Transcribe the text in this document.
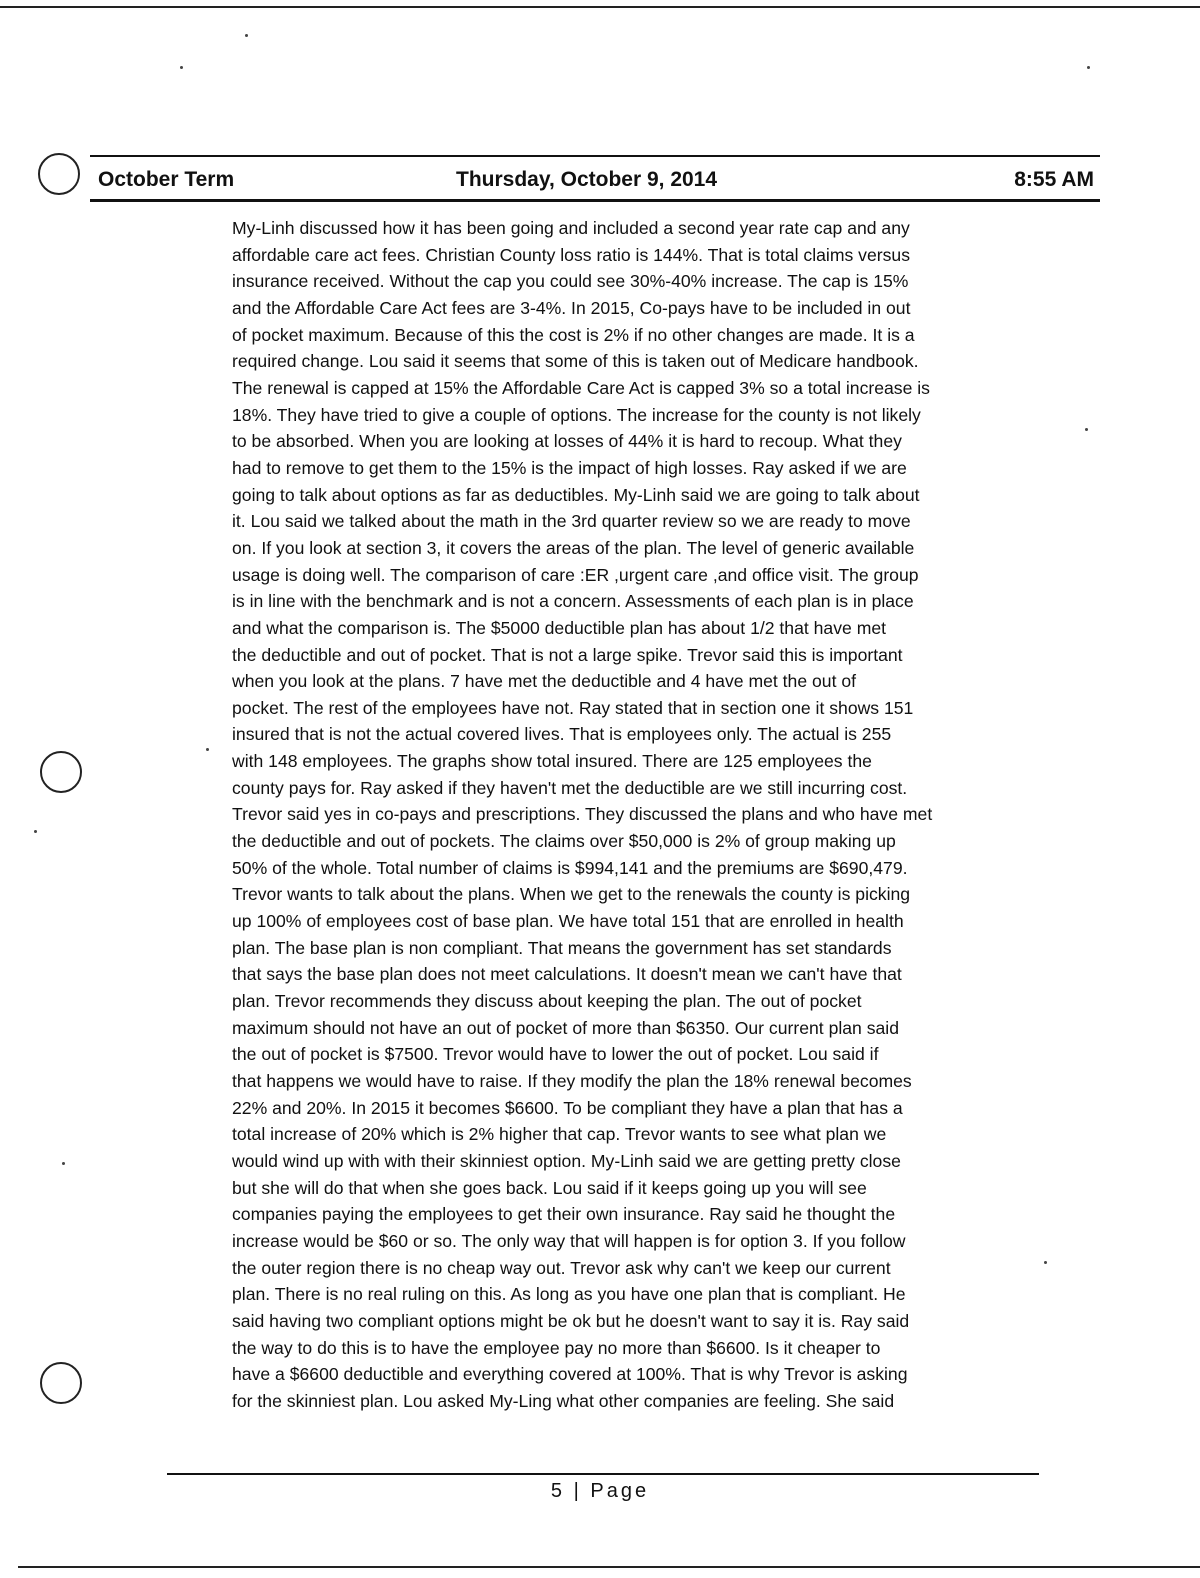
October Term	Thursday, October 9, 2014	8:55 AM
My-Linh discussed how it has been going and included a second year rate cap and any
affordable care act fees. Christian County loss ratio is 144%. That is total claims versus
insurance received. Without the cap you could see 30%-40% increase. The cap is 15%
and the Affordable Care Act fees are 3-4%. In 2015, Co-pays have to be included in out
of pocket maximum. Because of this the cost is 2% if no other changes are made. It is a
required change. Lou said it seems that some of this is taken out of Medicare handbook.
The renewal is capped at 15% the Affordable Care Act is capped 3% so a total increase is
18%. They have tried to give a couple of options. The increase for the county is not likely
to be absorbed. When you are looking at losses of 44% it is hard to recoup. What they
had to remove to get them to the 15% is the impact of high losses. Ray asked if we are
going to talk about options as far as deductibles. My-Linh said we are going to talk about
it. Lou said we talked about the math in the 3rd quarter review so we are ready to move
on. If you look at section 3, it covers the areas of the plan. The level of generic available
usage is doing well. The comparison of care :ER ,urgent care ,and office visit. The group
is in line with the benchmark and is not a concern. Assessments of each plan is in place
and what the comparison is. The $5000 deductible plan has about 1/2 that have met
the deductible and out of pocket. That is not a large spike. Trevor said this is important
when you look at the plans. 7 have met the deductible and 4 have met the out of
pocket. The rest of the employees have not. Ray stated that in section one it shows 151
insured that is not the actual covered lives. That is employees only. The actual is 255
with 148 employees. The graphs show total insured. There are 125 employees the
county pays for. Ray asked if they haven't met the deductible are we still incurring cost.
Trevor said yes in co-pays and prescriptions. They discussed the plans and who have met
the deductible and out of pockets. The claims over $50,000 is 2% of group making up
50% of the whole. Total number of claims is $994,141 and the premiums are $690,479.
Trevor wants to talk about the plans. When we get to the renewals the county is picking
up 100% of employees cost of base plan. We have total 151 that are enrolled in health
plan. The base plan is non compliant. That means the government has set standards
that says the base plan does not meet calculations. It doesn't mean we can't have that
plan. Trevor recommends they discuss about keeping the plan. The out of pocket
maximum should not have an out of pocket of more than $6350. Our current plan said
the out of pocket is $7500. Trevor would have to lower the out of pocket. Lou said if
that happens we would have to raise. If they modify the plan the 18% renewal becomes
22% and 20%. In 2015 it becomes $6600. To be compliant they have a plan that has a
total increase of 20% which is 2% higher that cap. Trevor wants to see what plan we
would wind up with with their skinniest option. My-Linh said we are getting pretty close
but she will do that when she goes back. Lou said if it keeps going up you will see
companies paying the employees to get their own insurance. Ray said he thought the
increase would be $60 or so. The only way that will happen is for option 3. If you follow
the outer region there is no cheap way out. Trevor ask why can't we keep our current
plan. There is no real ruling on this. As long as you have one plan that is compliant. He
said having two compliant options might be ok but he doesn't want to say it is. Ray said
the way to do this is to have the employee pay no more than $6600. Is it cheaper to
have a $6600 deductible and everything covered at 100%. That is why Trevor is asking
for the skinniest plan. Lou asked My-Ling what other companies are feeling. She said
5 | Page
